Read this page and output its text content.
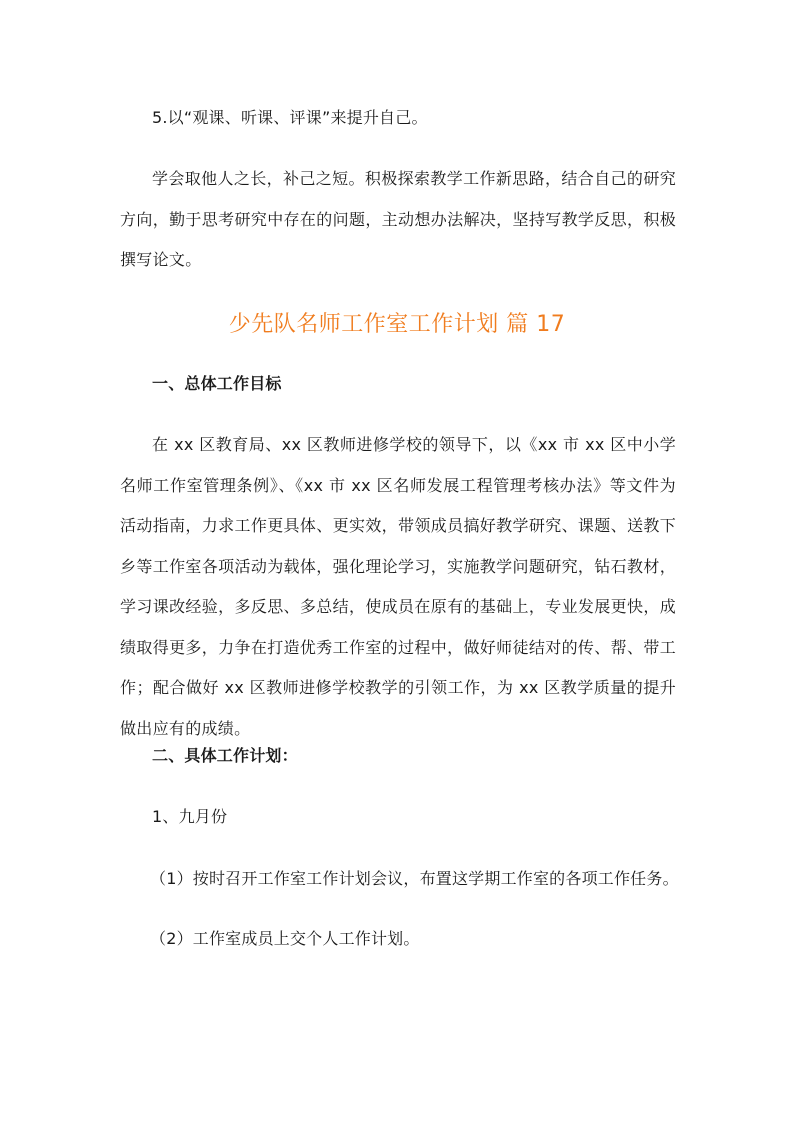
5.以“观课、听课、评课”来提升自己。
学会取他人之长，补己之短。积极探索教学工作新思路，结合自己的研究方向，勤于思考研究中存在的问题，主动想办法解决，坚持写教学反思，积极撰写论文。
少先队名师工作室工作计划 篇 17
一、总体工作目标
在 xx 区教育局、xx 区教师进修学校的领导下，以《xx 市 xx 区中小学名师工作室管理条例》、《xx 市 xx 区名师发展工程管理考核办法》等文件为活动指南，力求工作更具体、更实效，带领成员搞好教学研究、课题、送教下乡等工作室各项活动为载体，强化理论学习，实施教学问题研究，钻石教材，学习课改经验，多反思、多总结，使成员在原有的基础上，专业发展更快，成绩取得更多，力争在打造优秀工作室的过程中，做好师徒结对的传、帮、带工作；配合做好 xx 区教师进修学校教学的引领工作，为 xx 区教学质量的提升做出应有的成绩。
二、具体工作计划：
1、九月份
（1）按时召开工作室工作计划会议，布置这学期工作室的各项工作任务。
（2）工作室成员上交个人工作计划。
